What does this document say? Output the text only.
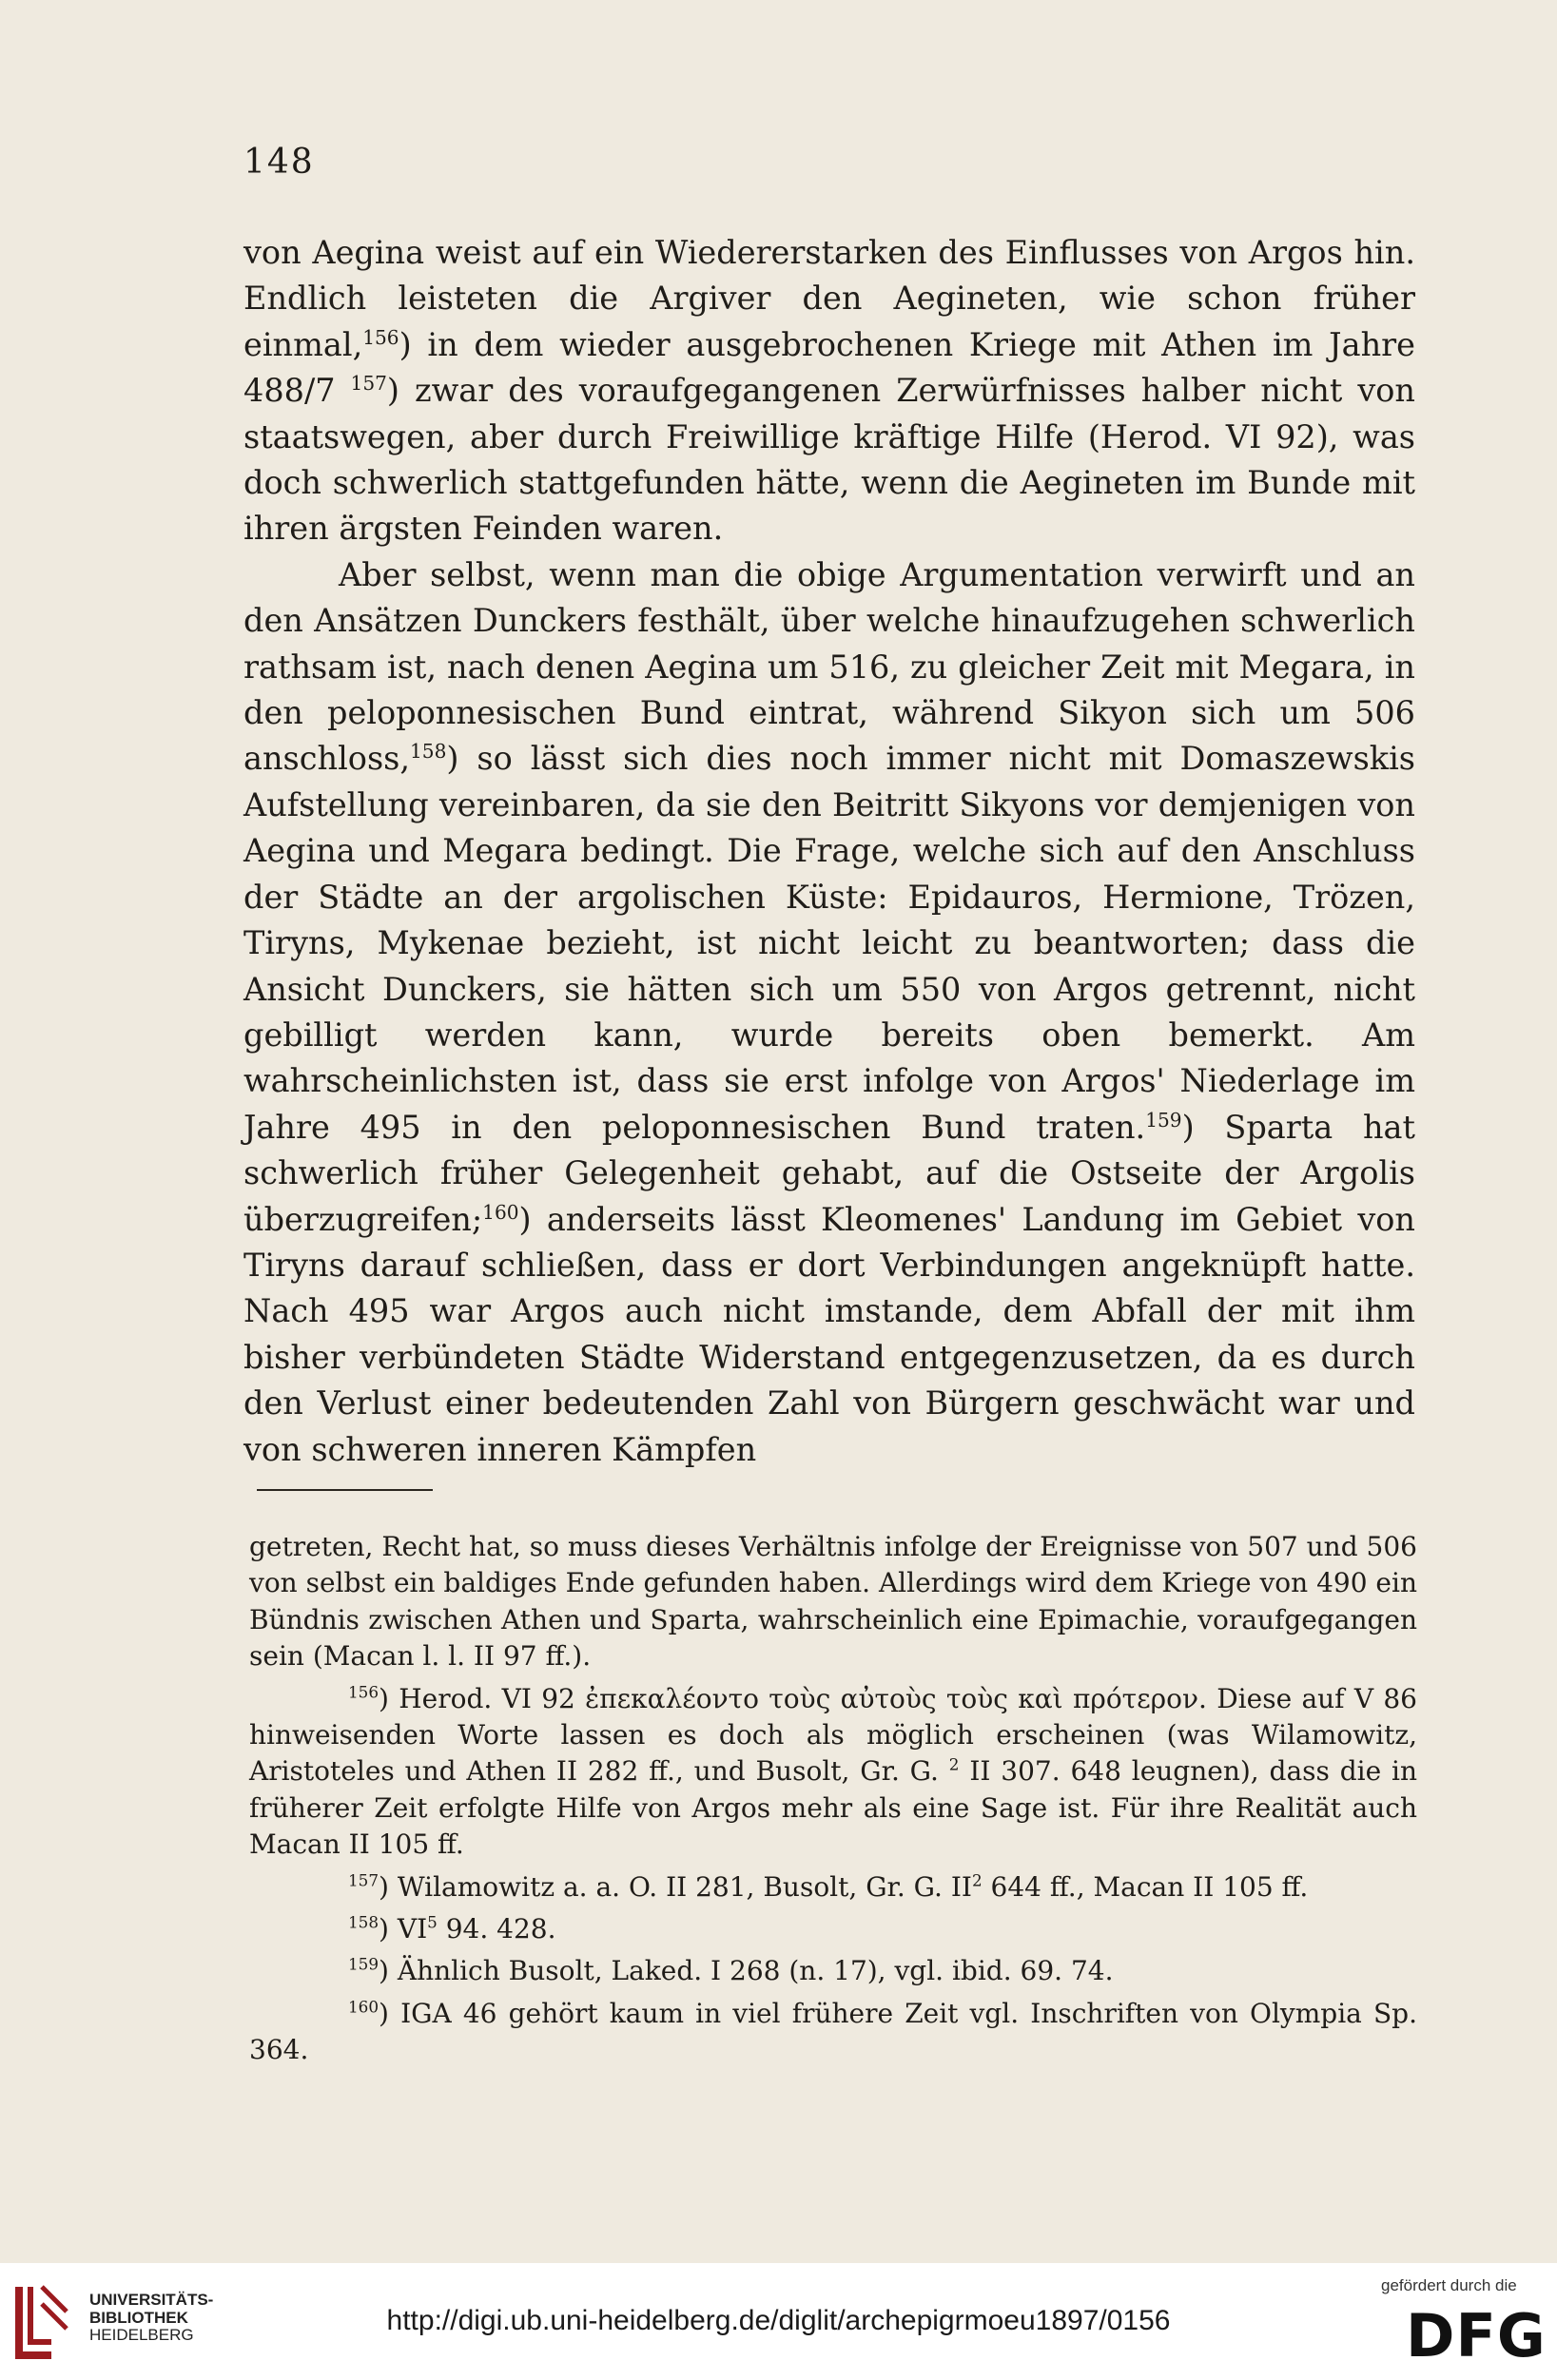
148

von Aegina weist auf ein Wiedererstarken des Einflusses von Argos hin. Endlich leisteten die Argiver den Aegineten, wie schon früher einmal,$^{156}$) in dem wieder ausgebrochenen Kriege mit Athen im Jahre 488/7 $^{157}$) zwar des voraufgegangenen Zerwürfnisses halber nicht von staatswegen, aber durch Freiwillige kräftige Hilfe (Herod. VI 92), was doch schwerlich stattgefunden hätte, wenn die Aegineten im Bunde mit ihren ärgsten Feinden waren.

Aber selbst, wenn man die obige Argumentation verwirft und an den Ansätzen Dunckers festhält, über welche hinaufzugehen schwerlich rathsam ist, nach denen Aegina um 516, zu gleicher Zeit mit Megara, in den peloponnesischen Bund eintrat, während Sikyon sich um 506 anschloss,$^{158}$) so lässt sich dies noch immer nicht mit Domaszewskis Aufstellung vereinbaren, da sie den Beitritt Sikyons vor demjenigen von Aegina und Megara bedingt. Die Frage, welche sich auf den Anschluss der Städte an der argolischen Küste: Epidauros, Hermione, Trözen, Tiryns, Mykenae bezieht, ist nicht leicht zu beantworten; dass die Ansicht Dunckers, sie hätten sich um 550 von Argos getrennt, nicht gebilligt werden kann, wurde bereits oben bemerkt. Am wahrscheinlichsten ist, dass sie erst infolge von Argos' Niederlage im Jahre 495 in den peloponnesischen Bund traten.$^{159}$) Sparta hat schwerlich früher Gelegenheit gehabt, auf die Ostseite der Argolis überzugreifen;$^{160}$) anderseits lässt Kleomenes' Landung im Gebiet von Tiryns darauf schließen, dass er dort Verbindungen angeknüpft hatte. Nach 495 war Argos auch nicht imstande, dem Abfall der mit ihm bisher verbündeten Städte Widerstand entgegenzusetzen, da es durch den Verlust einer bedeutenden Zahl von Bürgern geschwächt war und von schweren inneren Kämpfen

getreten, Recht hat, so muss dieses Verhältnis infolge der Ereignisse von 507 und 506 von selbst ein baldiges Ende gefunden haben. Allerdings wird dem Kriege von 490 ein Bündnis zwischen Athen und Sparta, wahrscheinlich eine Epimachie, voraufgegangen sein (Macan l. l. II 97 ff.).

$^{156}$) Herod. VI 92 ἐπεκαλέοντο τοὺς αὐτοὺς τοὺς καὶ πρότερον. Diese auf V 86 hinweisenden Worte lassen es doch als möglich erscheinen (was Wilamowitz, Aristoteles und Athen II 282 ff., und Busolt, Gr. G. $^2$ II 307. 648 leugnen), dass die in früherer Zeit erfolgte Hilfe von Argos mehr als eine Sage ist. Für ihre Realität auch Macan II 105 ff.

$^{157}$) Wilamowitz a. a. O. II 281, Busolt, Gr. G. $II^2$ 644 ff., Macan II 105 ff.

$^{158}$) $VI^5$ 94. 428.

$^{159}$) Ähnlich Busolt, Laked. I 268 (n. 17), vgl. ibid. 69. 74.

$^{160}$) IGA 46 gehört kaum in viel frühere Zeit vgl. Inschriften von Olympia Sp. 364.

UNIVERSITÄTS-
BIBLIOTHEK
HEIDELBERG	http://digi.ub.uni-heidelberg.de/diglit/archepigrmoeu1897/0156
gefördert durch die
DFG
